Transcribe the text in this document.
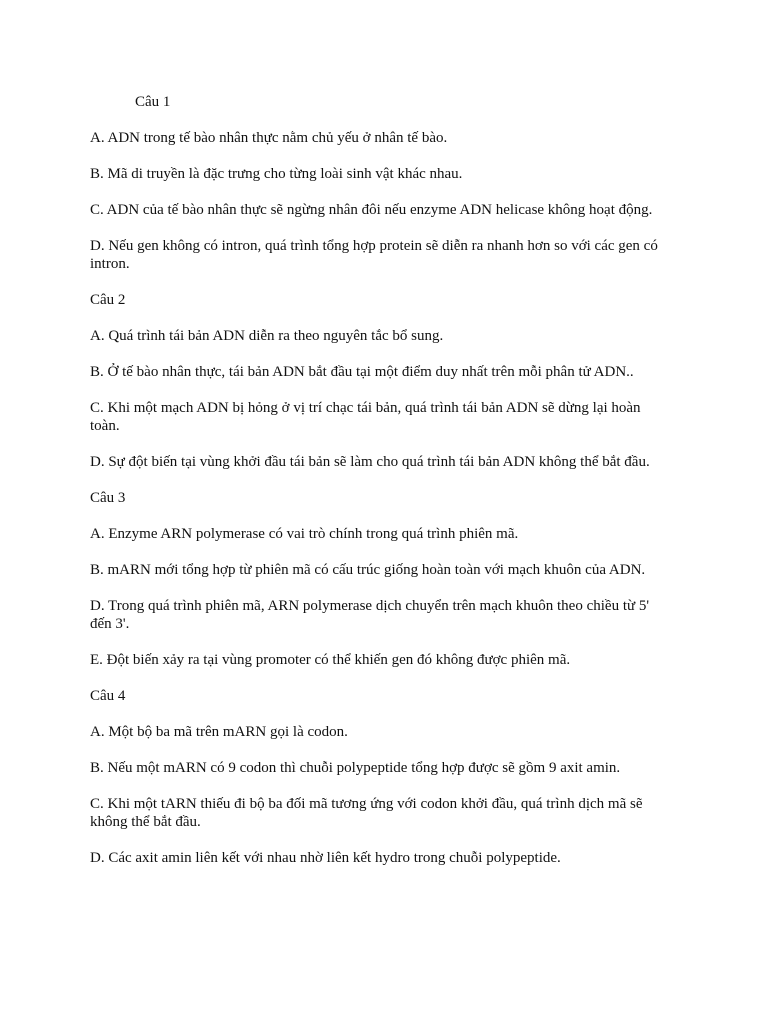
Câu 1

A. ADN trong tế bào nhân thực nằm chủ yếu ở nhân tế bào.

B. Mã di truyền là đặc trưng cho từng loài sinh vật khác nhau.

C. ADN của tế bào nhân thực sẽ ngừng nhân đôi nếu enzyme ADN helicase không hoạt động.

D. Nếu gen không có intron, quá trình tổng hợp protein sẽ diễn ra nhanh hơn so với các gen có intron.

Câu 2

A. Quá trình tái bản ADN diễn ra theo nguyên tắc bổ sung.

B. Ở tế bào nhân thực, tái bản ADN bắt đầu tại một điểm duy nhất trên mỗi phân tử ADN..

C. Khi một mạch ADN bị hỏng ở vị trí chạc tái bản, quá trình tái bản ADN sẽ dừng lại hoàn toàn.

D. Sự đột biến tại vùng khởi đầu tái bản sẽ làm cho quá trình tái bản ADN không thể bắt đầu.

Câu 3

A. Enzyme ARN polymerase có vai trò chính trong quá trình phiên mã.

B. mARN mới tổng hợp từ phiên mã có cấu trúc giống hoàn toàn với mạch khuôn của ADN.

D. Trong quá trình phiên mã, ARN polymerase dịch chuyển trên mạch khuôn theo chiều từ 5' đến 3'.

E. Đột biến xảy ra tại vùng promoter có thể khiến gen đó không được phiên mã.

Câu 4

A. Một bộ ba mã trên mARN gọi là codon.

B. Nếu một mARN có 9 codon thì chuỗi polypeptide tổng hợp được sẽ gồm 9 axit amin.

C. Khi một tARN thiếu đi bộ ba đối mã tương ứng với codon khởi đầu, quá trình dịch mã sẽ không thể bắt đầu.

D. Các axit amin liên kết với nhau nhờ liên kết hydro trong chuỗi polypeptide.
